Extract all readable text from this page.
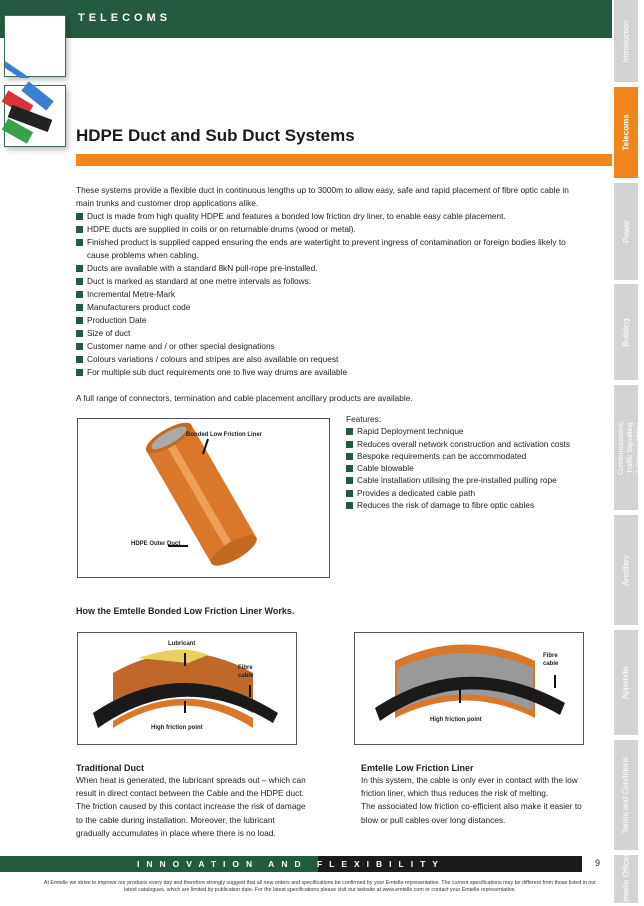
TELECOMS
HDPE Duct and Sub Duct Systems

These systems provide a flexible duct in continuous lengths up to 3000m to allow easy, safe and rapid placement of fibre optic cable in main trunks and customer drop applications alike.

Duct is made from high quality HDPE and features a bonded low friction dry liner, to enable easy cable placement.
HDPE ducts are supplied in coils or on returnable drums (wood or metal).
Finished product is supplied capped ensuring the ends are watertight to prevent ingress of contamination or foreign bodies likely to cause problems when cabling.
Ducts are available with a standard 8kN pull-rope pre-installed.
Duct is marked as standard at one metre intervals as follows:
Incremental Metre-Mark
Manufacturers product code
Production Date
Size of duct
Customer name and / or other special designations
Colours variations / colours and stripes are also available on request
For multiple sub duct requirements one to five way drums are available

A full range of connectors, termination and cable placement ancillary products are available.

Bonded Low Friction Liner
HDPE Outer Duct
Features:
Rapid Deployment technique
Reduces overall network construction and activation costs
Bespoke requirements can be accommodated
Cable blowable
Cable installation utilising the pre-installed pulling rope
Provides a dedicated cable path
Reduces the risk of damage to fibre optic cables
How the Emtelle Bonded Low Friction Liner Works.
Lubricant
Fibre
cable
High friction point
Fibre
cable
High friction point
Traditional Duct

When heat is generated, the lubricant spreads out – which can result in direct contact between the Cable and the HDPE duct. The friction caused by this contact increase the risk of damage to the cable during installation. Moreover, the lubricant gradually accumulates in place where there is no load.

Emtelle Low Friction Liner

In this system, the cable is only ever in contact with the low friction liner, which thus reduces the risk of melting.

The associated low friction co-efficient also make it easier to blow or pull cables over long distances.

INNOVATION AND FLEXIBILITY	9
At Emtelle we strive to improve our products every day and therefore strongly suggest that all new orders and specifications be confirmed by your Emtelle representative. The current specifications may be different from those listed in our latest catalogues, which are limited by publication date. For the latest specifications please visit our website at www.emtelle.com or contact your Emtelle representative.
Introduction
Telecoms
Power
Building
CCTV, Motorway Communications, Traffic Signalling & Street Lighting
Ancillary
Appendix
Terms and Conditions
Emtelle Offices
